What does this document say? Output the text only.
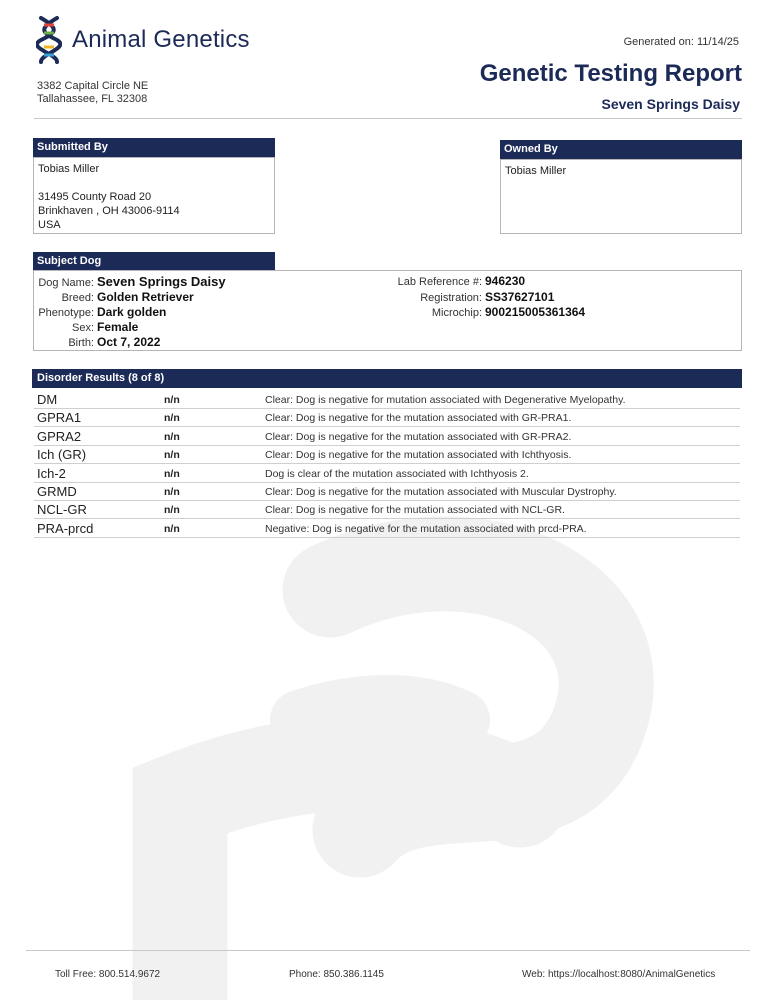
Animal Genetics
3382 Capital Circle NE
Tallahassee, FL 32308
Generated on: 11/14/25
Genetic Testing Report
Seven Springs Daisy
Submitted By
Tobias Miller
31495 County Road 20
Brinkhaven , OH 43006-9114
USA
Owned By
Tobias Miller
Subject Dog
Dog Name: Seven Springs Daisy
Breed: Golden Retriever
Phenotype: Dark golden
Sex: Female
Birth: Oct 7, 2022
Lab Reference #: 946230
Registration: SS37627101
Microchip: 900215005361364
Disorder Results (8 of 8)
DM	n/n	Clear: Dog is negative for mutation associated with Degenerative Myelopathy.
GPRA1	n/n	Clear: Dog is negative for the mutation associated with GR-PRA1.
GPRA2	n/n	Clear: Dog is negative for the mutation associated with GR-PRA2.
Ich (GR)	n/n	Clear: Dog is negative for the mutation associated with Ichthyosis.
Ich-2	n/n	Dog is clear of the mutation associated with Ichthyosis 2.
GRMD	n/n	Clear: Dog is negative for the mutation associated with Muscular Dystrophy.
NCL-GR	n/n	Clear: Dog is negative for the mutation associated with NCL-GR.
PRA-prcd	n/n	Negative: Dog is negative for the mutation associated with prcd-PRA.
Toll Free: 800.514.9672	Phone: 850.386.1145	Web: https://localhost:8080/AnimalGenetics
